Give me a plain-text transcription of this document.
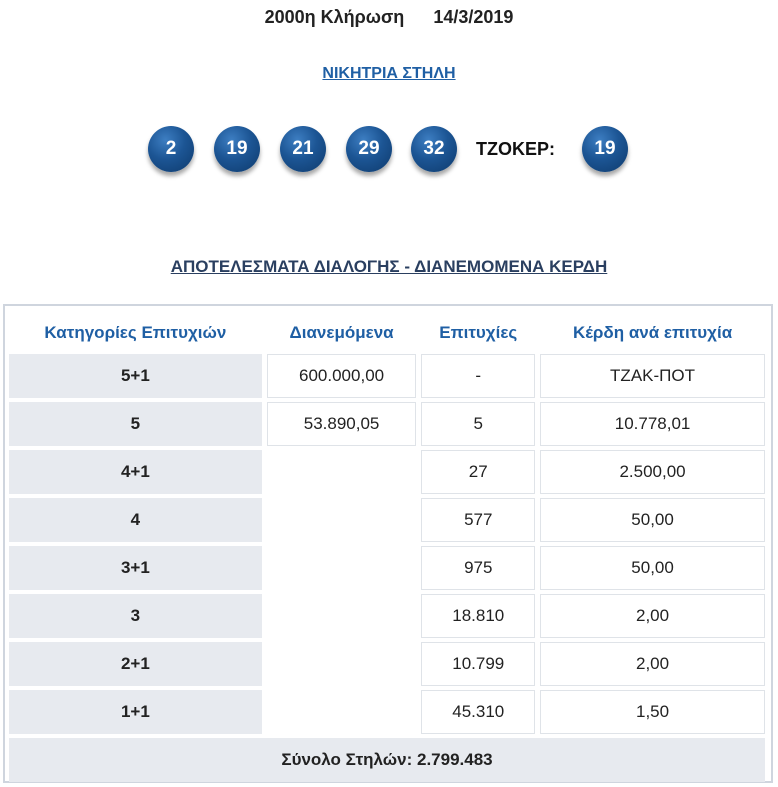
2000η Κλήρωση 14/3/2019
ΝΙΚΗΤΡΙΑ ΣΤΗΛΗ
2	19	21	29	32	ΤΖΟΚΕΡ:	19
ΑΠΟΤΕΛΕΣΜΑΤΑ ΔΙΑΛΟΓΗΣ - ΔΙΑΝΕΜΟΜΕΝΑ ΚΕΡΔΗ
Κατηγορίες Επιτυχιών	Διανεμόμενα	Επιτυχίες	Κέρδη ανά επιτυχία
5+1	600.000,00	-	ΤΖΑΚ-ΠΟΤ
5	53.890,05	5	10.778,01
4+1		27	2.500,00
4		577	50,00
3+1		975	50,00
3		18.810	2,00
2+1		10.799	2,00
1+1		45.310	1,50
Σύνολο Στηλών: 2.799.483			
